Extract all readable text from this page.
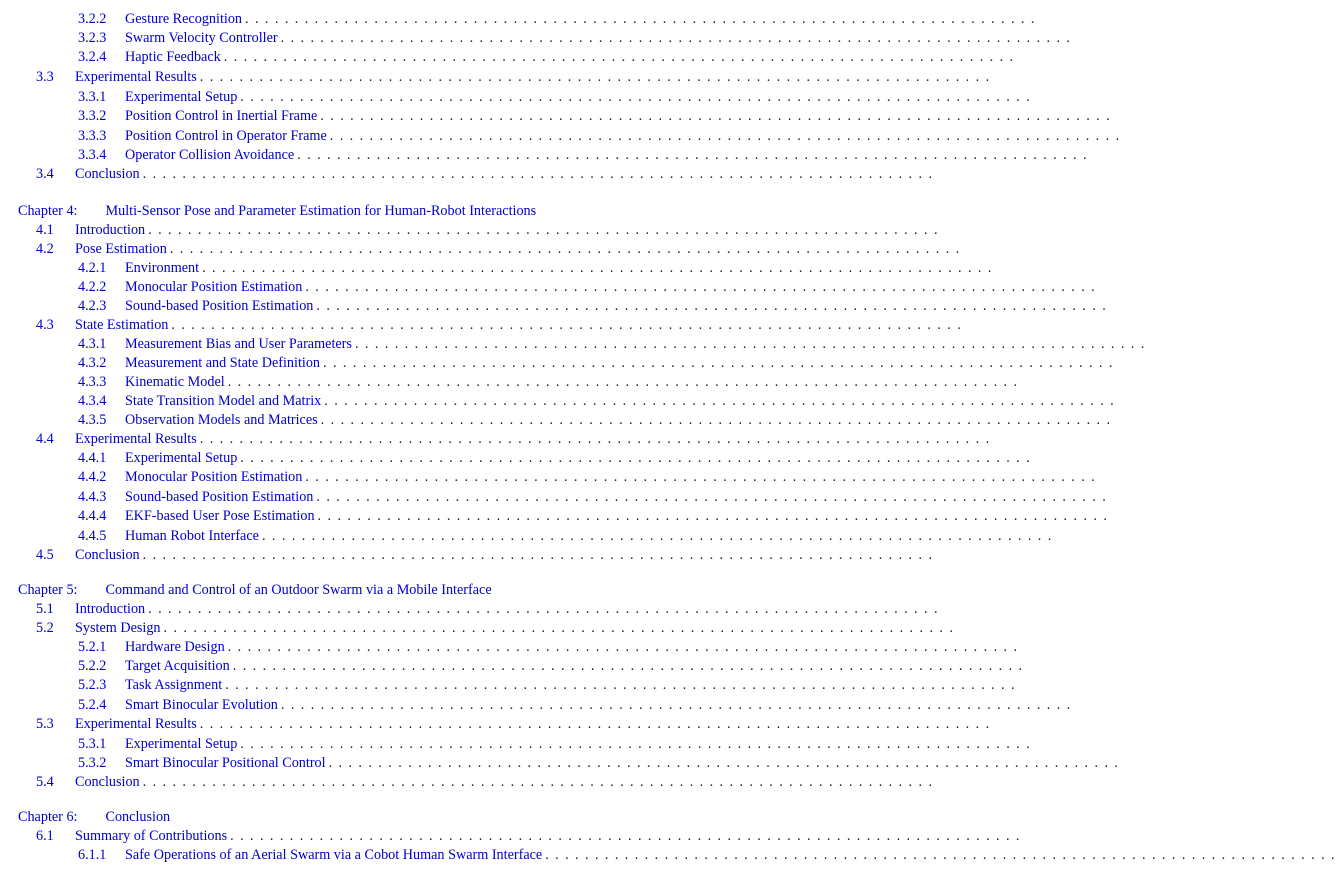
3.2.2	Gesture Recognition ................................................................................
3.2.3	Swarm Velocity Controller ................................................................................
3.2.4	Haptic Feedback ................................................................................
3.3	Experimental Results ................................................................................
3.3.1	Experimental Setup ................................................................................
3.3.2	Position Control in Inertial Frame ................................................................................
3.3.3	Position Control in Operator Frame ................................................................................
3.3.4	Operator Collision Avoidance ................................................................................
3.4	Conclusion ................................................................................
Chapter 4: Multi-Sensor Pose and Parameter Estimation for Human-Robot Interactions
4.1	Introduction ................................................................................
4.2	Pose Estimation ................................................................................
4.2.1	Environment ................................................................................
4.2.2	Monocular Position Estimation ................................................................................
4.2.3	Sound-based Position Estimation ................................................................................
4.3	State Estimation ................................................................................
4.3.1	Measurement Bias and User Parameters ................................................................................
4.3.2	Measurement and State Definition ................................................................................
4.3.3	Kinematic Model ................................................................................
4.3.4	State Transition Model and Matrix ................................................................................
4.3.5	Observation Models and Matrices ................................................................................
4.4	Experimental Results ................................................................................
4.4.1	Experimental Setup ................................................................................
4.4.2	Monocular Position Estimation ................................................................................
4.4.3	Sound-based Position Estimation ................................................................................
4.4.4	EKF-based User Pose Estimation ................................................................................
4.4.5	Human Robot Interface ................................................................................
4.5	Conclusion ................................................................................
Chapter 5: Command and Control of an Outdoor Swarm via a Mobile Interface
5.1	Introduction ................................................................................
5.2	System Design ................................................................................
5.2.1	Hardware Design ................................................................................
5.2.2	Target Acquisition ................................................................................
5.2.3	Task Assignment ................................................................................
5.2.4	Smart Binocular Evolution ................................................................................
5.3	Experimental Results ................................................................................
5.3.1	Experimental Setup ................................................................................
5.3.2	Smart Binocular Positional Control ................................................................................
5.4	Conclusion ................................................................................
Chapter 6: Conclusion
6.1	Summary of Contributions ................................................................................
6.1.1	Safe Operations of an Aerial Swarm via a Cobot Human Swarm Interface ................................................................................
